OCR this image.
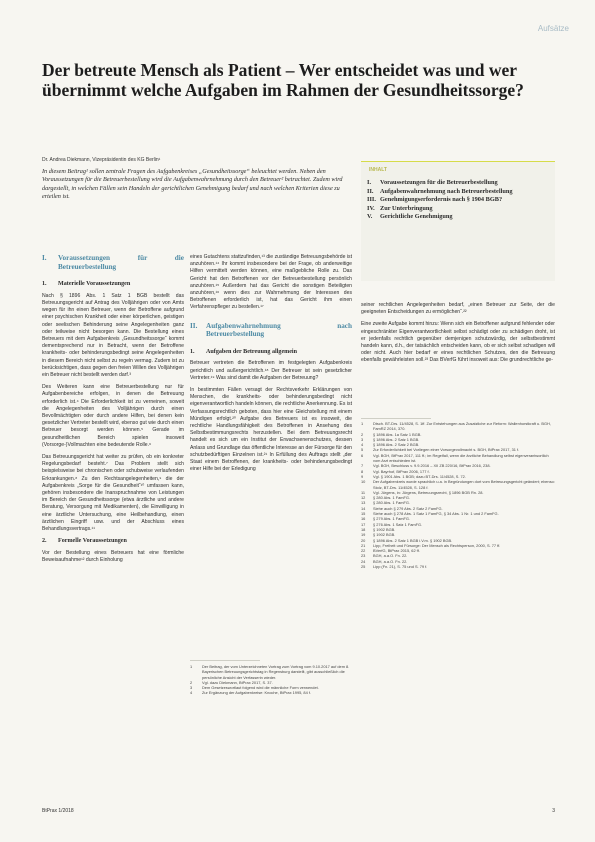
Aufsätze
Der betreute Mensch als Patient – Wer entscheidet was und wer übernimmt welche Aufgaben im Rahmen der Gesundheitssorge?
Dr. Andrea Diekmann, Vizepräsidentin des KG Berlin¹

In diesem Beitrag¹ sollen zentrale Fragen des Aufgabenkreises „Gesundheitssorge“ beleuchtet werden. Neben den Voraussetzungen für die Betreuerbestellung wird die Aufgabenwahrnehmung durch den Betreuer² betrachtet. Zudem wird dargestellt, in welchen Fällen sein Handeln der gerichtlichen Genehmigung bedarf und nach welchen Kriterien diese zu erteilen ist.

INHALT
I.	Voraussetzungen für die Betreuerbestellung
II.	Aufgabenwahrnehmung nach Betreuerbestellung
III. Genehmigungserfordernis nach § 1904 BGB?
IV. Zur Unterbringung
V.	Gerichtliche Genehmigung
I.	Voraussetzungen für die Betreuerbestellung
1.	Materielle Voraussetzungen

Nach § 1896 Abs. 1 Satz 1 BGB bestellt das Betreuungsgericht auf Antrag des Volljährigen oder von Amts wegen für ihn einen Betreuer, wenn der Betroffene aufgrund einer psychischen Krankheit oder einer körperlichen, geistigen oder seelischen Behinderung seine Angelegenheiten ganz oder teilweise nicht besorgen kann. Die Bestellung eines Betreuers mit dem Aufgabenkreis „Gesundheitssorge“ kommt dementsprechend nur in Betracht, wenn der Betroffene krankheits- oder behinderungsbedingt seine Angelegenheiten in diesem Bereich nicht selbst zu regeln vermag. Zudem ist zu berücksichtigen, dass gegen den freien Willen des Volljährigen ein Betreuer nicht bestellt werden darf.³

Des Weiteren kann eine Betreuerbestellung nur für Aufgabenbereiche erfolgen, in denen die Betreuung erforderlich ist.⁴ Die Erforderlichkeit ist zu verneinen, soweit die Angelegenheiten des Volljährigen durch einen Bevollmächtigten oder durch andere Hilfen, bei denen kein gesetzlicher Vertreter bestellt wird, ebenso gut wie durch einen Betreuer besorgt werden können.⁵ Gerade im gesundheitlichen Bereich spielen insoweit (Vorsorge-)Vollmachten eine bedeutende Rolle.⁶

Das Betreuungsgericht hat weiter zu prüfen, ob ein konkreter Regelungsbedarf besteht.⁷ Das Problem stellt sich beispielsweise bei chronischen oder schubweise verlaufenden Erkrankungen.⁸ Zu den Rechtsangelegenheiten,⁹ die der Aufgabenkreis „Sorge für die Gesundheit“¹⁰ umfassen kann, gehören insbesondere die Inanspruchnahme von Leistungen im Bereich der Gesundheitssorge (etwa ärztliche und andere Beratung, Versorgung mit Medikamenten), die Einwilligung in eine ärztliche Untersuchung, eine Heilbehandlung, einen ärztlichen Eingriff usw. und der Abschluss eines Behandlungsvertrags.¹¹

2.	Formelle Voraussetzungen

Vor der Bestellung eines Betreuers hat eine förmliche Beweisaufnahme¹² durch Einholung

eines Gutachtens stattzufinden,¹³ die zuständige Betreuungsbehörde ist anzuhören.¹⁴ Ihr kommt insbesondere bei der Frage, ob anderweitige Hilfen vermittelt werden können, eine maßgebliche Rolle zu. Das Gericht hat den Betroffenen vor der Betreuerbestellung persönlich anzuhören.¹⁵ Außerdem hat das Gericht die sonstigen Beteiligten anzuhören,¹⁶ wenn dies zur Wahrnehmung der Interessen des Betroffenen erforderlich ist, hat das Gericht ihm einen Verfahrenspfleger zu bestellen.¹⁷

II.	Aufgabenwahrnehmung nach Betreuerbestellung
1.	Aufgaben der Betreuung allgemein

Betreuer vertreten die Betroffenen im festgelegten Aufgabenkreis gerichtlich und außergerichtlich.¹⁸ Der Betreuer ist sein gesetzlicher Vertreter.¹⁹ Was sind damit die Aufgaben der Betreuung?

In bestimmten Fällen versagt der Rechtsverkehr Erklärungen von Menschen, die krankheits- oder behinderungsbedingt nicht eigenverantwortlich handeln können, die rechtliche Anerkennung. Es ist Verfassungsrechtlich geboten, dass hier eine Gleichstellung mit einem Mündigen erfolgt.²⁰ Aufgabe des Betreuers ist es insoweit, die rechtliche Handlungsfähigkeit des Betroffenen in Ansehung des Selbstbestimmungsrechts herzustellen. Bei dem Betreuungsrecht handelt es sich um ein Institut der Erwachsenenschutzes, dessen Anlass und Grundlage das öffentliche Interesse an der Fürsorge für den schutzbedürftigen Einzelnen ist.²¹ In Erfüllung des Auftrags stellt „der Staat einem Betroffenen, der krankheits- oder behinderungsbedingt einer Hilfe bei der Erledigung

1	Der Beitrag, der vom Unterzeichneten Vortrag zum Vortrag vom 9.10.2017 auf dem 8. Bayerischen Betreuungsgerichtstag in Regensburg darstellt, gibt ausschließlich die persönliche Ansicht der Verfasserin wieder.
2	Vgl. dazu Diekmann, BtPrax 2017, S. 37.
3	Dem Gesetzeswortlaut folgend wird die männliche Form verwendet.
4	Zur Ergänzung der Aufgabenkreise: Knoche, BtPrax 1995, 84 f.

seiner rechtlichen Angelegenheiten bedarf, „einen Betreuer zur Seite, der die geeigneten Entscheidungen zu ermöglichen“.²²

Eine zweite Aufgabe kommt hinzu: Wenn sich ein Betroffener aufgrund fehlender oder eingeschränkter Eigenverantwortlichkeit selbst schädigt oder zu schädigen droht, ist er jedenfalls rechtlich gegenüber demjenigen schutzwürdig, der selbstbestimmt handeln kann, d.h., der tatsächlich entscheiden kann, ob er sich selbst schadigen will oder nicht. Auch hier bedarf er eines rechtlichen Schutzes, den die Betreuung ebenfalls gewährleisten soll.²³ Das BVerfG führt insoweit aus: Die grundrechtliche ge-

1	Dtsch. BT-Drs. 11/4528, S. 1ff. Zur Entstehungen aus Zusatzliche zur Reform: Wallenhorstkraft u. BGH, FamRZ 2014, 370.
2	§ 1896 Abs. 1a Satz 1 BGB.
3	§ 1896 Abs. 2 Satz 1 BGB.
4	§ 1896 Abs. 2 Satz 2 BGB.
5	Zur Erforderlichkeit bei Vorliegen einer Vorsorgevollmacht s. BGH, BtPrax 2017, 31 f.
6	Vgl. BGH, BtPrax 2017, 111 ff.; im Regelfall, wenn die ärztliche Behandlung selbst eigenverantwortlich vom Arzt entschieden ist.
7	Vgl. BGH, Beschluss v. 9.9.2016 – XII ZB 220/16, BtPrax 2016, 238.
8	Vgl. Bayrhof, BtPrax 2006, 177 f.
9	Vgl. § 1901 Abs. 1 BGB; dazu BT-Drs. 11/4528, S. 72.
10	Der Aufgabenkreis wurde sprachlich u.a. in Begründungen dort vom Betreuungsgericht geändert; ebenso: Stolz, BT-Drs. 11/4528, S. 128 f.
11	Vgl. Jürgens, in: Jürgens, Betreuungsrecht, § 1896 BGB Rn. 28.
12	§ 280 Abs. 1 FamFG.
13	§ 280 Abs. 1 FamFG.
14	Siehe auch § 279 Abs. 2 Satz 2 FamFG.
15	Siehe auch § 278 Abs. 1 Satz 1 FamFG, § 34 Abs. 1 Nr. 1 und 2 FamFG.
16	§ 279 Abs. 1 FamFG.
17	§ 276 Abs. 1 Satz 1 FamFG.
18	§ 1902 BGB.
19	§ 1902 BGB.
20	§ 1896 Abs. 2 Satz 1 BGB i.V.m. § 1902 BGB.
21	Lipp, Freiheit und Fürsorge: Der Mensch als Rechtsperson, 2000, S. 77 ff.
22	BVerfG, BtPrax 2015, 62 ff.
23	BGH, a.a.O. Fn. 22.
24	BGH, a.a.O. Fn. 22.
25	Lipp (Fn. 21), S. 75 und S. 79 f.
BtPrax 1/2018	3
